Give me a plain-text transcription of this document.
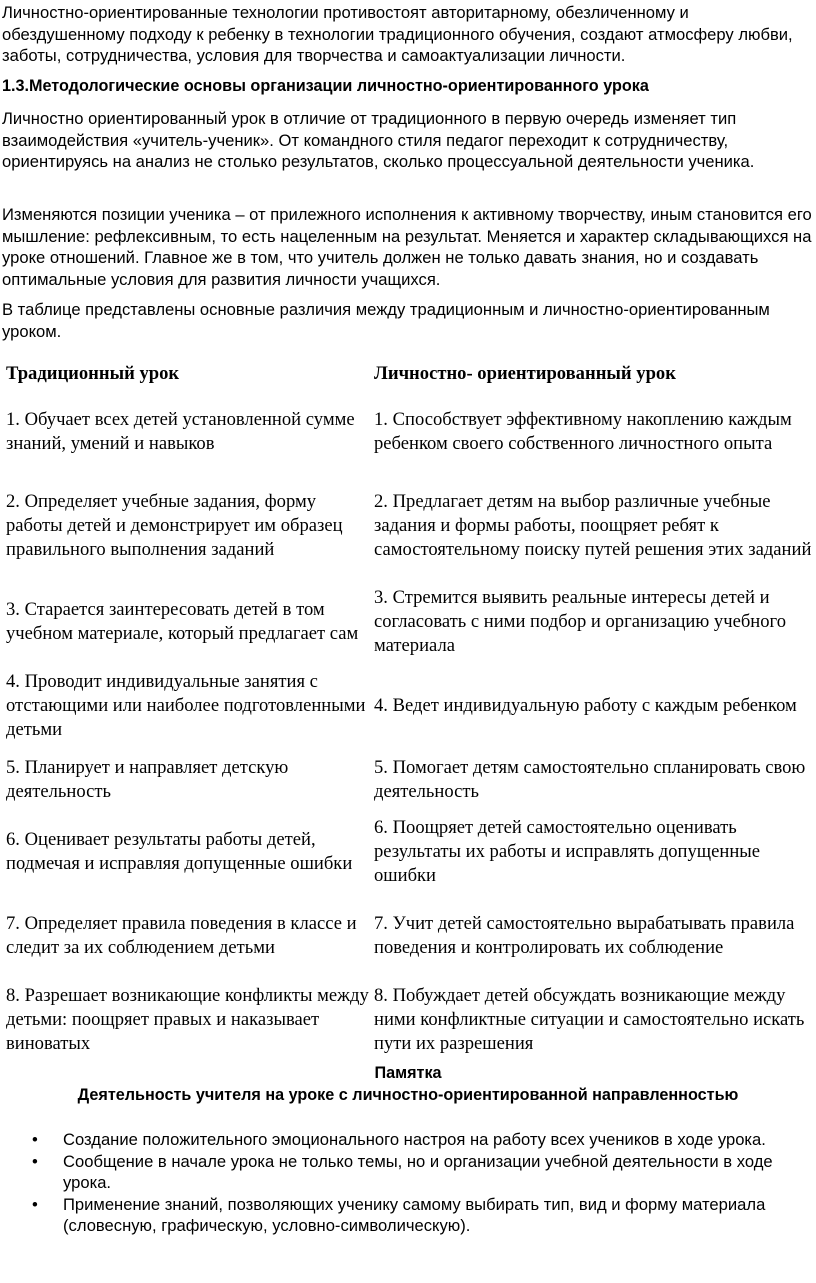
Личностно-ориентированные технологии противостоят авторитарному, обезличенному и обездушенному подходу к ребенку в технологии традиционного обучения, создают атмосферу любви, заботы, сотрудничества, условия для творчества и самоактуализации личности.

1.3.Методологические основы организации личностно-ориентированного урока

Личностно ориентированный урок в отличие от традиционного в первую очередь изменяет тип взаимодействия «учитель-ученик». От командного стиля педагог переходит к сотрудничеству, ориентируясь на анализ не столько результатов, сколько процессуальной деятельности ученика.

Изменяются позиции ученика – от прилежного исполнения к активному творчеству, иным становится его мышление: рефлексивным, то есть нацеленным на результат. Меняется и характер складывающихся на уроке отношений. Главное же в том, что учитель должен не только давать знания, но и создавать оптимальные условия для развития личности учащихся.

В таблице представлены основные различия между традиционным и личностно-ориентированным уроком.

Традиционный урок	Личностно- ориентированный урок
1. Обучает всех детей установленной сумме знаний, умений и навыков
1. Способствует эффективному накоплению каждым ребенком своего собственного личностного опыта
2. Определяет учебные задания, форму работы детей и демонстрирует им образец правильного выполнения заданий
2. Предлагает детям на выбор различные учебные задания и формы работы, поощряет ребят к самостоятельному поиску путей решения этих заданий
3. Старается заинтересовать детей в том учебном материале, который предлагает сам
3. Стремится выявить реальные интересы детей и согласовать с ними подбор и организацию учебного материала
4. Проводит индивидуальные занятия с отстающими или наиболее подготовленными детьми
4. Ведет индивидуальную работу с каждым ребенком
5. Планирует и направляет детскую деятельность
5. Помогает детям самостоятельно спланировать свою деятельность
6. Оценивает результаты работы детей, подмечая и исправляя допущенные ошибки
6. Поощряет детей самостоятельно оценивать результаты их работы и исправлять допущенные ошибки
7. Определяет правила поведения в классе и следит за их соблюдением детьми
7. Учит детей самостоятельно вырабатывать правила поведения и контролировать их соблюдение
8. Разрешает возникающие конфликты между детьми: поощряет правых и наказывает виноватых
8. Побуждает детей обсуждать возникающие между ними конфликтные ситуации и самостоятельно искать пути их разрешения
Памятка
Деятельность учителя на уроке с личностно-ориентированной направленностью
• Создание положительного эмоционального настроя на работу всех учеников в ходе урока.
• Сообщение в начале урока не только темы, но и организации учебной деятельности в ходе урока.
• Применение знаний, позволяющих ученику самому выбирать тип, вид и форму материала (словесную, графическую, условно-символическую).
